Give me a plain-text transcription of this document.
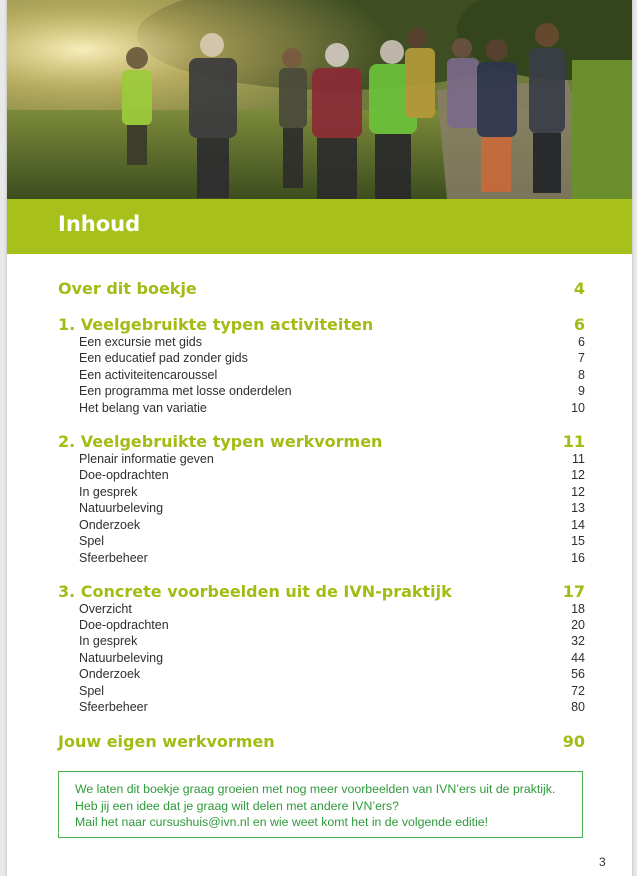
Inhoud
Over dit boekje	4
1. Veelgebruikte typen activiteiten	6
Een excursie met gids	6
Een educatief pad zonder gids	7
Een activiteitencaroussel	8
Een programma met losse onderdelen	9
Het belang van variatie	10
2. Veelgebruikte typen werkvormen	11
Plenair informatie geven	11
Doe-opdrachten	12
In gesprek	12
Natuurbeleving	13
Onderzoek	14
Spel	15
Sfeerbeheer	16
3. Concrete voorbeelden uit de IVN-praktijk	17
Overzicht	18
Doe-opdrachten	20
In gesprek	32
Natuurbeleving	44
Onderzoek	56
Spel	72
Sfeerbeheer	80
Jouw eigen werkvormen	90
We laten dit boekje graag groeien met nog meer voorbeelden van IVN’ers uit de praktijk.
Heb jij een idee dat je graag wilt delen met andere IVN’ers?
Mail het naar cursushuis@ivn.nl en wie weet komt het in de volgende editie!
3
